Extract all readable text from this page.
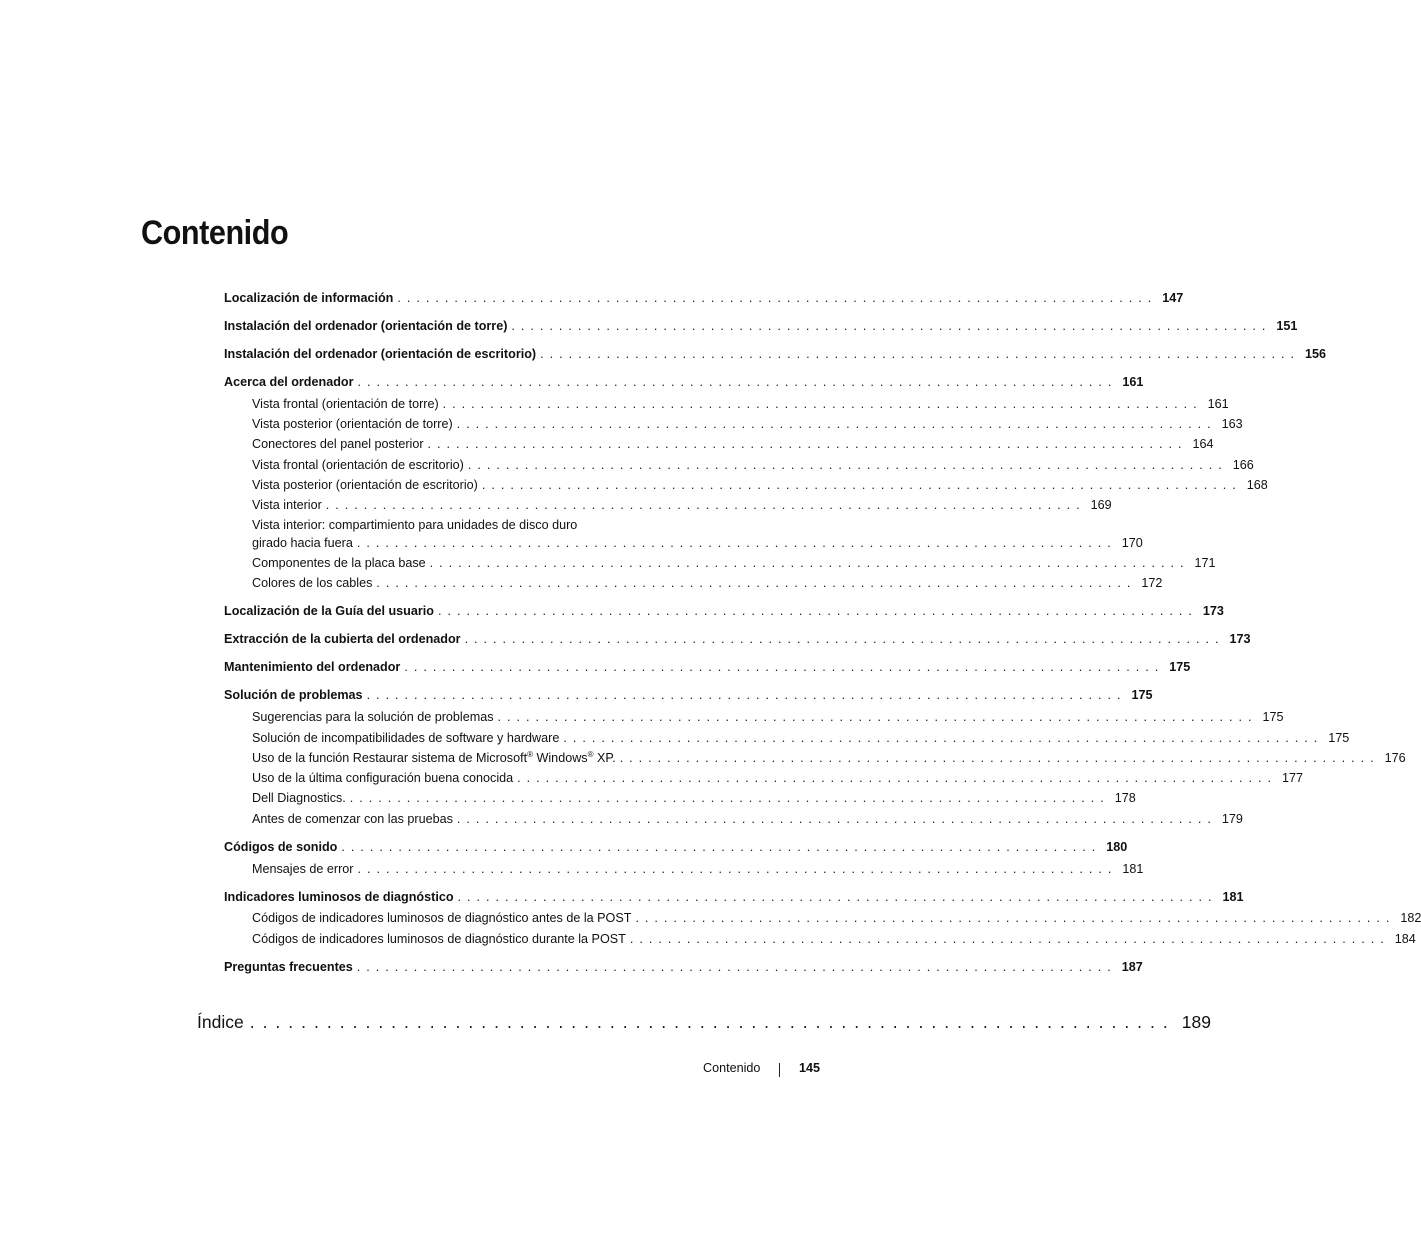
Contenido
Localización de información ................................................................................ 147
Instalación del ordenador (orientación de torre) ................................................................................ 151
Instalación del ordenador (orientación de escritorio) ................................................................................ 156
Acerca del ordenador ................................................................................ 161
Vista frontal (orientación de torre) ................................................................................ 161
Vista posterior (orientación de torre) ................................................................................ 163
Conectores del panel posterior ................................................................................ 164
Vista frontal (orientación de escritorio) ................................................................................ 166
Vista posterior (orientación de escritorio) ................................................................................ 168
Vista interior ................................................................................ 169
Vista interior: compartimiento para unidades de disco duro
girado hacia fuera ................................................................................ 170
Componentes de la placa base ................................................................................ 171
Colores de los cables ................................................................................ 172
Localización de la Guía del usuario ................................................................................ 173
Extracción de la cubierta del ordenador ................................................................................ 173
Mantenimiento del ordenador ................................................................................ 175
Solución de problemas ................................................................................ 175
Sugerencias para la solución de problemas ................................................................................ 175
Solución de incompatibilidades de software y hardware ................................................................................ 175
Uso de la función Restaurar sistema de Microsoft® Windows® XP. ................................................................................ 176
Uso de la última configuración buena conocida ................................................................................ 177
Dell Diagnostics. ................................................................................ 178
Antes de comenzar con las pruebas ................................................................................ 179
Códigos de sonido ................................................................................ 180
Mensajes de error ................................................................................ 181
Indicadores luminosos de diagnóstico ................................................................................ 181
Códigos de indicadores luminosos de diagnóstico antes de la POST ................................................................................ 182
Códigos de indicadores luminosos de diagnóstico durante la POST ................................................................................ 184
Preguntas frecuentes ................................................................................ 187
Índice ........................................................................ 189
Contenido	145
